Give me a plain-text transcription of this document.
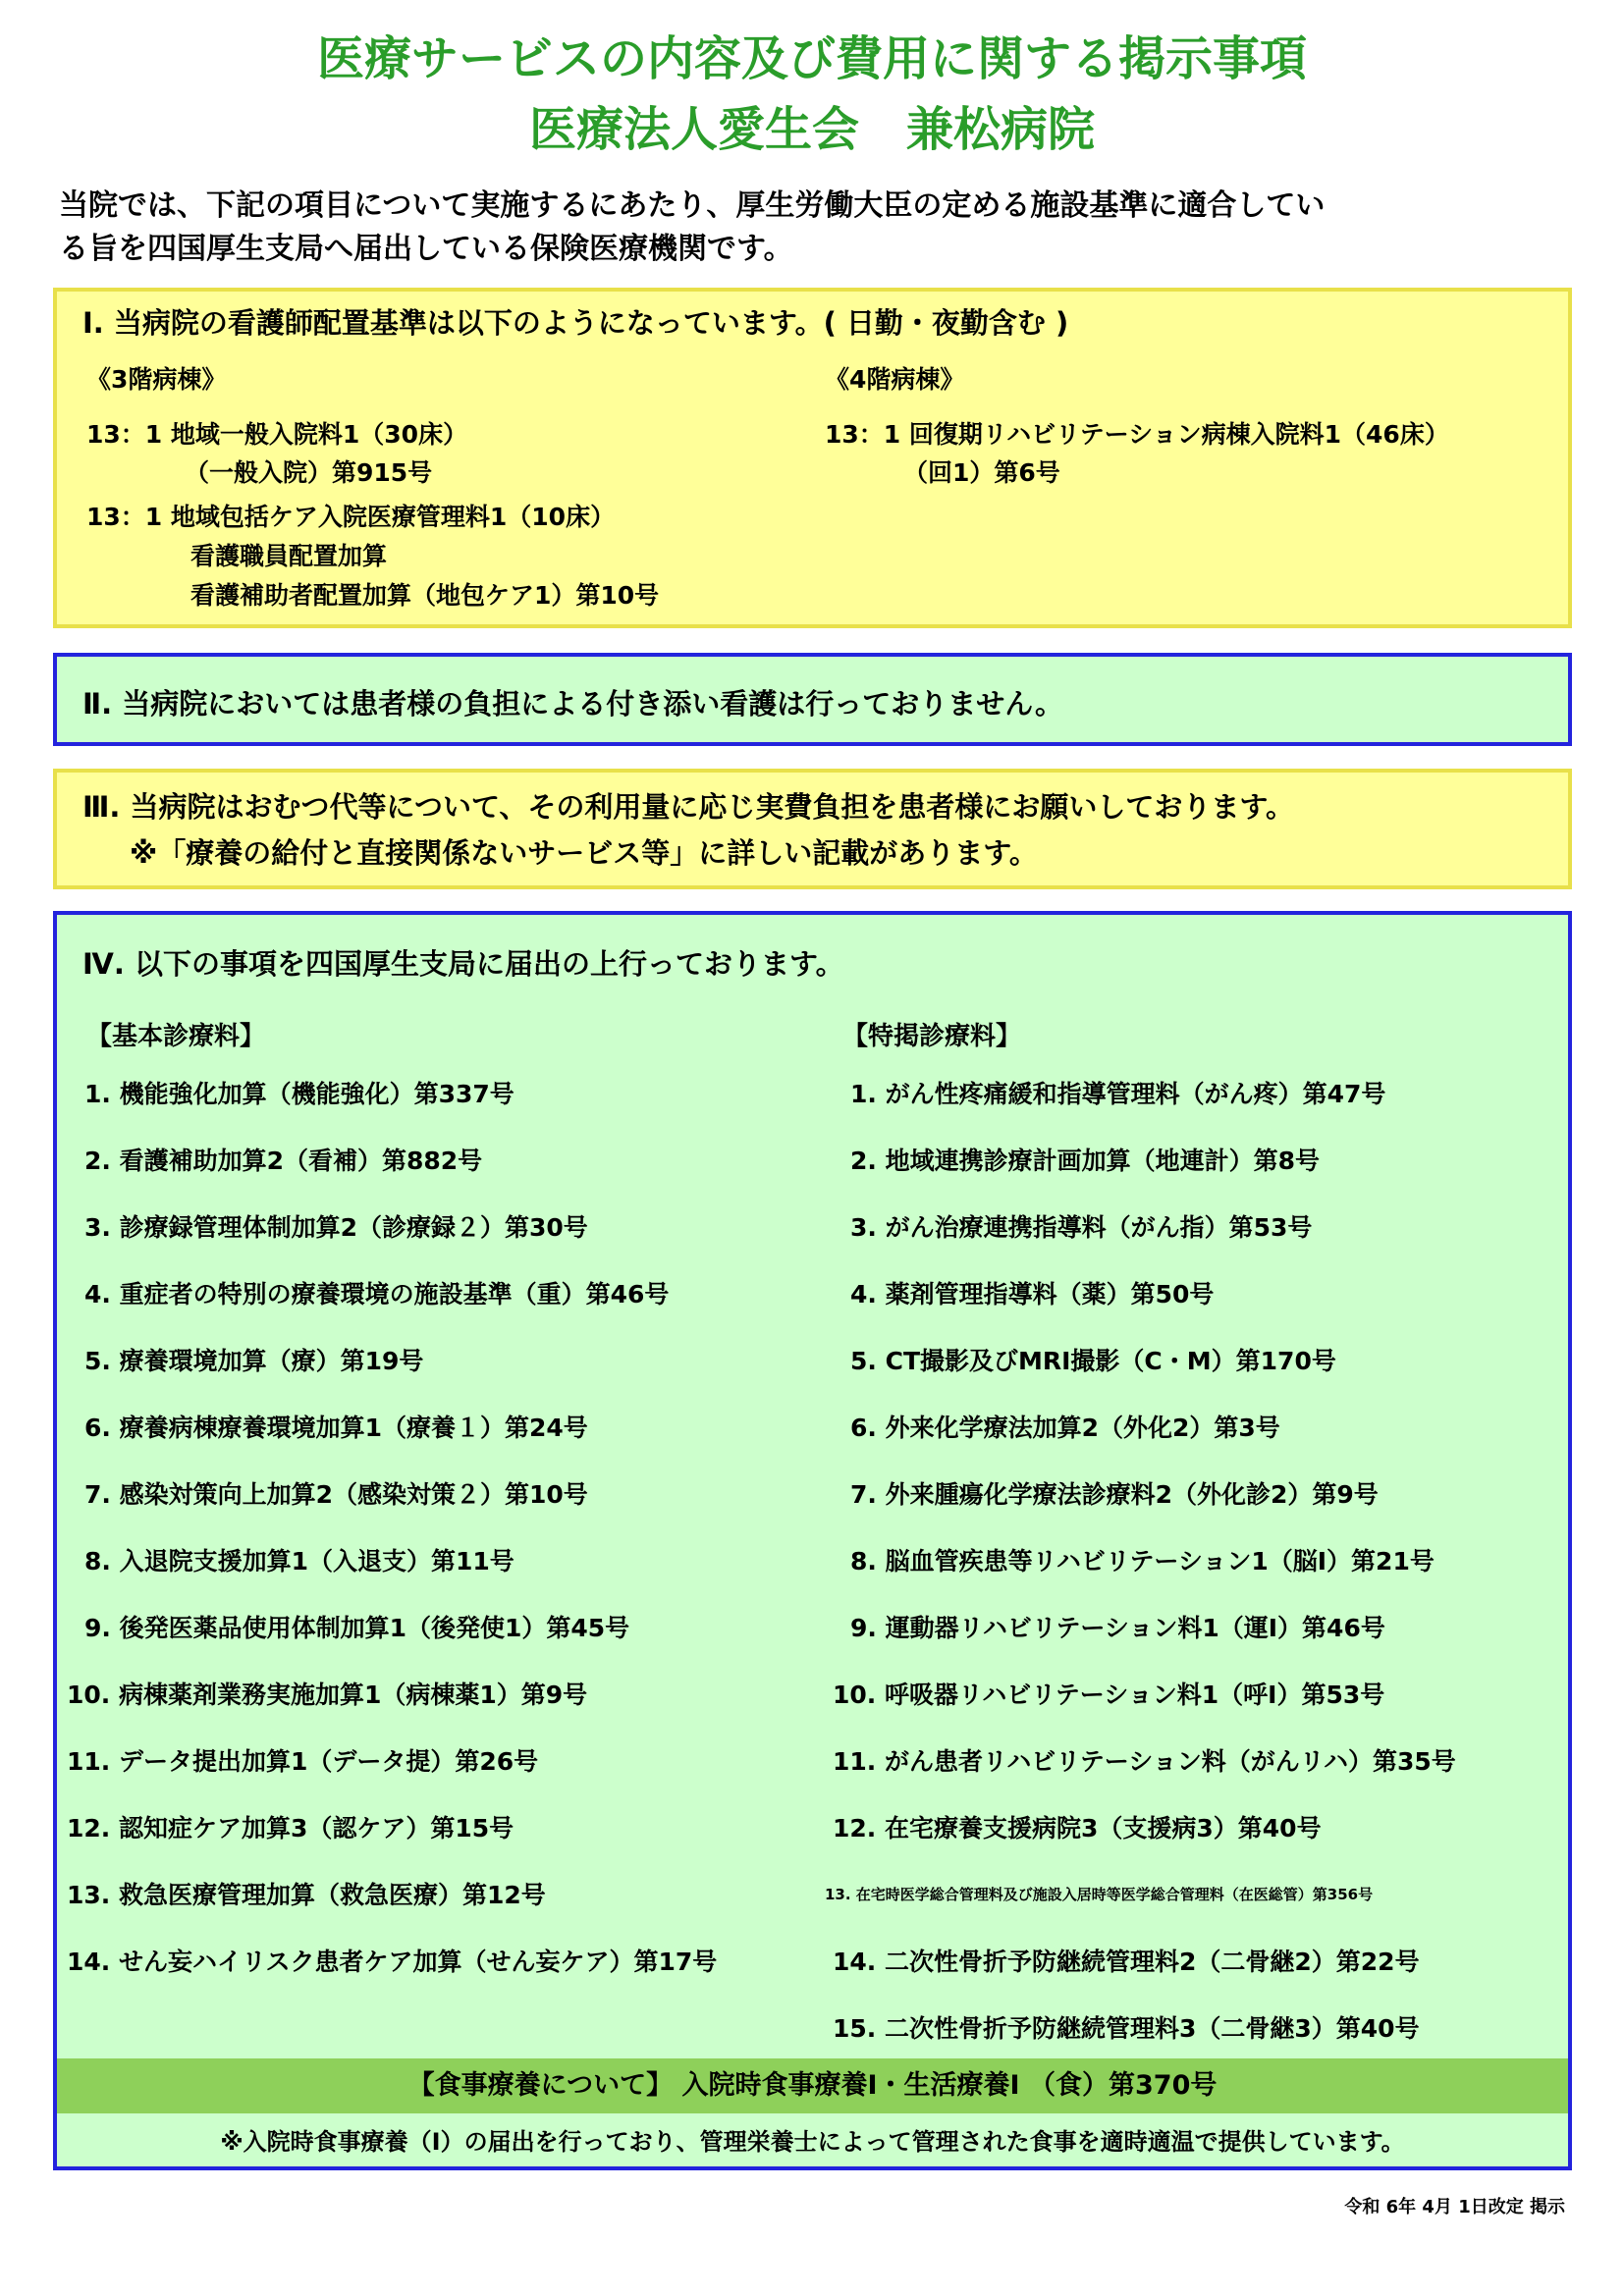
医療サービスの内容及び費用に関する掲示事項
医療法人愛生会　兼松病院
当院では、下記の項目について実施するにあたり、厚生労働大臣の定める施設基準に適合してい
る旨を四国厚生支局へ届出している保険医療機関です。
Ⅰ. 当病院の看護師配置基準は以下のようになっています。( 日勤・夜勤含む )
《3階病棟》
13：1 地域一般入院料1（30床）
（一般入院）第915号
13：1 地域包括ケア入院医療管理料1（10床）
看護職員配置加算
看護補助者配置加算（地包ケア1）第10号
《4階病棟》
13：1 回復期リハビリテーション病棟入院料1（46床）
（回1）第6号
Ⅱ. 当病院においては患者様の負担による付き添い看護は行っておりません。
Ⅲ. 当病院はおむつ代等について、その利用量に応じ実費負担を患者様にお願いしております。
※「療養の給付と直接関係ないサービス等」に詳しい記載があります。
Ⅳ. 以下の事項を四国厚生支局に届出の上行っております。
【基本診療料】	【特掲診療料】
1. 機能強化加算（機能強化）第337号
2. 看護補助加算2（看補）第882号
3. 診療録管理体制加算2（診療録２）第30号
4. 重症者の特別の療養環境の施設基準（重）第46号
5. 療養環境加算（療）第19号
6. 療養病棟療養環境加算1（療養１）第24号
7. 感染対策向上加算2（感染対策２）第10号
8. 入退院支援加算1（入退支）第11号
9. 後発医薬品使用体制加算1（後発使1）第45号
10. 病棟薬剤業務実施加算1（病棟薬1）第9号
11. データ提出加算1（データ提）第26号
12. 認知症ケア加算3（認ケア）第15号
13. 救急医療管理加算（救急医療）第12号
14. せん妄ハイリスク患者ケア加算（せん妄ケア）第17号
1. がん性疼痛緩和指導管理料（がん疼）第47号
2. 地域連携診療計画加算（地連計）第8号
3. がん治療連携指導料（がん指）第53号
4. 薬剤管理指導料（薬）第50号
5. CT撮影及びMRI撮影（C・M）第170号
6. 外来化学療法加算2（外化2）第3号
7. 外来腫瘍化学療法診療料2（外化診2）第9号
8. 脳血管疾患等リハビリテーション1（脳Ⅰ）第21号
9. 運動器リハビリテーション料1（運Ⅰ）第46号
10. 呼吸器リハビリテーション料1（呼Ⅰ）第53号
11. がん患者リハビリテーション料（がんリハ）第35号
12. 在宅療養支援病院3（支援病3）第40号
13. 在宅時医学総合管理料及び施設入居時等医学総合管理料（在医総管）第356号
14. 二次性骨折予防継続管理料2（二骨継2）第22号
15. 二次性骨折予防継続管理料3（二骨継3）第40号
【食事療養について】 入院時食事療養Ⅰ・生活療養Ⅰ （食）第370号
※入院時食事療養（Ⅰ）の届出を行っており、管理栄養士によって管理された食事を適時適温で提供しています。
令和 6年 4月 1日改定 掲示
